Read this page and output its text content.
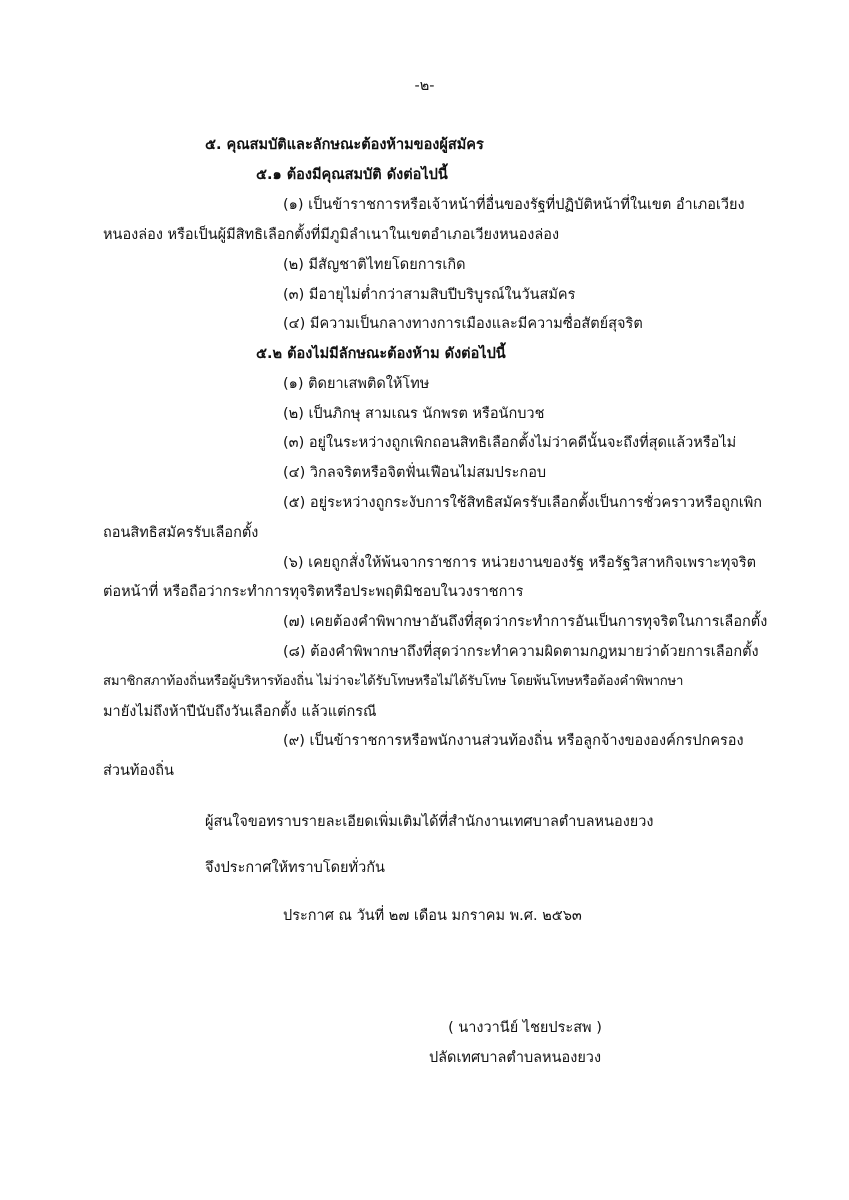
-๒-
๕. คุณสมบัติและลักษณะต้องห้ามของผู้สมัคร
๕.๑ ต้องมีคุณสมบัติ ดังต่อไปนี้
(๑) เป็นข้าราชการหรือเจ้าหน้าที่อื่นของรัฐที่ปฏิบัติหน้าที่ในเขต อำเภอเวียง
หนองล่อง หรือเป็นผู้มีสิทธิเลือกตั้งที่มีภูมิลำเนาในเขตอำเภอเวียงหนองล่อง
(๒) มีสัญชาติไทยโดยการเกิด
(๓) มีอายุไม่ต่ำกว่าสามสิบปีบริบูรณ์ในวันสมัคร
(๔) มีความเป็นกลางทางการเมืองและมีความซื่อสัตย์สุจริต
๕.๒ ต้องไม่มีลักษณะต้องห้าม ดังต่อไปนี้
(๑) ติดยาเสพติดให้โทษ
(๒) เป็นภิกษุ สามเณร นักพรต หรือนักบวช
(๓) อยู่ในระหว่างถูกเพิกถอนสิทธิเลือกตั้งไม่ว่าคดีนั้นจะถึงที่สุดแล้วหรือไม่
(๔) วิกลจริตหรือจิตฟั่นเฟือนไม่สมประกอบ
(๕) อยู่ระหว่างถูกระงับการใช้สิทธิสมัครรับเลือกตั้งเป็นการชั่วคราวหรือถูกเพิก
ถอนสิทธิสมัครรับเลือกตั้ง
(๖) เคยถูกสั่งให้พ้นจากราชการ หน่วยงานของรัฐ หรือรัฐวิสาหกิจเพราะทุจริต
ต่อหน้าที่ หรือถือว่ากระทำการทุจริตหรือประพฤติมิชอบในวงราชการ
(๗) เคยต้องคำพิพากษาอันถึงที่สุดว่ากระทำการอันเป็นการทุจริตในการเลือกตั้ง
(๘) ต้องคำพิพากษาถึงที่สุดว่ากระทำความผิดตามกฎหมายว่าด้วยการเลือกตั้ง
สมาชิกสภาท้องถิ่นหรือผู้บริหารท้องถิ่น ไม่ว่าจะได้รับโทษหรือไม่ได้รับโทษ โดยพ้นโทษหรือต้องคำพิพากษา
มายังไม่ถึงห้าปีนับถึงวันเลือกตั้ง แล้วแต่กรณี
(๙) เป็นข้าราชการหรือพนักงานส่วนท้องถิ่น หรือลูกจ้างขององค์กรปกครอง
ส่วนท้องถิ่น
ผู้สนใจขอทราบรายละเอียดเพิ่มเติมได้ที่สำนักงานเทศบาลตำบลหนองยวง
จึงประกาศให้ทราบโดยทั่วกัน
ประกาศ ณ วันที่ ๒๗ เดือน มกราคม พ.ศ. ๒๕๖๓
( นางวานีย์ ไชยประสพ )
ปลัดเทศบาลตำบลหนองยวง
